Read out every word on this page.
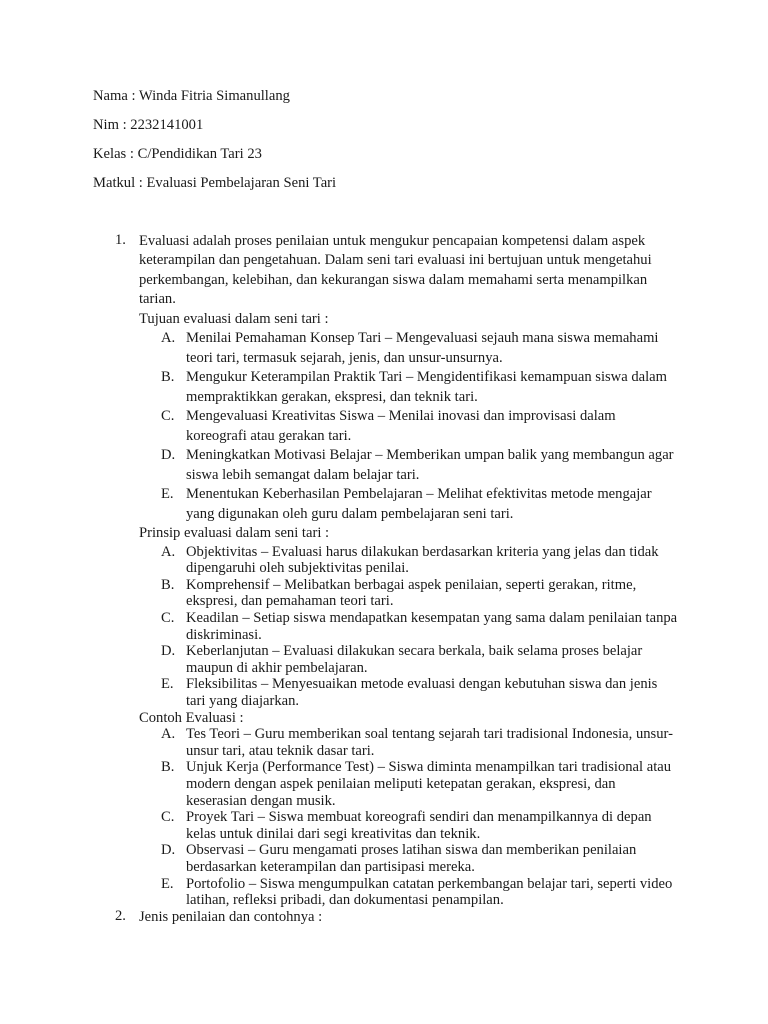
Nama : Winda Fitria Simanullang

Nim : 2232141001

Kelas : C/Pendidikan Tari 23

Matkul : Evaluasi Pembelajaran Seni Tari

1. Evaluasi adalah proses penilaian untuk mengukur pencapaian kompetensi dalam aspek keterampilan dan pengetahuan. Dalam seni tari evaluasi ini bertujuan untuk mengetahui perkembangan, kelebihan, dan kekurangan siswa dalam memahami serta menampilkan tarian.

Tujuan evaluasi dalam seni tari :

A. Menilai Pemahaman Konsep Tari – Mengevaluasi sejauh mana siswa memahami teori tari, termasuk sejarah, jenis, dan unsur-unsurnya.
B. Mengukur Keterampilan Praktik Tari – Mengidentifikasi kemampuan siswa dalam mempraktikkan gerakan, ekspresi, dan teknik tari.
C. Mengevaluasi Kreativitas Siswa – Menilai inovasi dan improvisasi dalam koreografi atau gerakan tari.
D. Meningkatkan Motivasi Belajar – Memberikan umpan balik yang membangun agar siswa lebih semangat dalam belajar tari.
E. Menentukan Keberhasilan Pembelajaran – Melihat efektivitas metode mengajar yang digunakan oleh guru dalam pembelajaran seni tari.

Prinsip evaluasi dalam seni tari :

A. Objektivitas – Evaluasi harus dilakukan berdasarkan kriteria yang jelas dan tidak dipengaruhi oleh subjektivitas penilai.
B. Komprehensif – Melibatkan berbagai aspek penilaian, seperti gerakan, ritme, ekspresi, dan pemahaman teori tari.
C. Keadilan – Setiap siswa mendapatkan kesempatan yang sama dalam penilaian tanpa diskriminasi.
D. Keberlanjutan – Evaluasi dilakukan secara berkala, baik selama proses belajar maupun di akhir pembelajaran.
E. Fleksibilitas – Menyesuaikan metode evaluasi dengan kebutuhan siswa dan jenis tari yang diajarkan.

Contoh Evaluasi :

A. Tes Teori – Guru memberikan soal tentang sejarah tari tradisional Indonesia, unsur-unsur tari, atau teknik dasar tari.
B. Unjuk Kerja (Performance Test) – Siswa diminta menampilkan tari tradisional atau modern dengan aspek penilaian meliputi ketepatan gerakan, ekspresi, dan keserasian dengan musik.
C. Proyek Tari – Siswa membuat koreografi sendiri dan menampilkannya di depan kelas untuk dinilai dari segi kreativitas dan teknik.
D. Observasi – Guru mengamati proses latihan siswa dan memberikan penilaian berdasarkan keterampilan dan partisipasi mereka.
E. Portofolio – Siswa mengumpulkan catatan perkembangan belajar tari, seperti video latihan, refleksi pribadi, dan dokumentasi penampilan.
2. Jenis penilaian dan contohnya :
